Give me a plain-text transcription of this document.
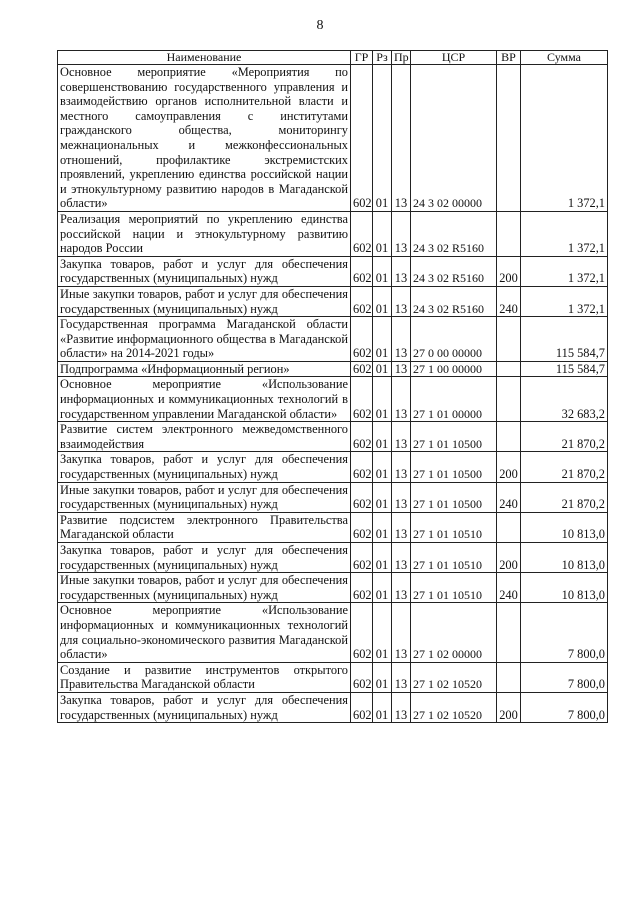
8
Наименование	ГР	Рз	Пр	ЦСР	ВР	Сумма
Основное мероприятие «Мероприятия по совершенствованию государственного управления и взаимодействию органов исполнительной власти и местного самоуправления с институтами гражданского общества, мониторингу межнациональных и межконфессиональных отношений, профилактике экстремистских проявлений, укреплению единства российской нации и этнокультурному развитию народов в Магаданской области»	602	01	13	24 3 02 00000		1 372,1
Реализация мероприятий по укреплению единства российской нации и этнокультурному развитию народов России	602	01	13	24 3 02 R5160		1 372,1
Закупка товаров, работ и услуг для обеспечения государственных (муниципальных) нужд	602	01	13	24 3 02 R5160	200	1 372,1
Иные закупки товаров, работ и услуг для обеспечения государственных (муниципальных) нужд	602	01	13	24 3 02 R5160	240	1 372,1
Государственная программа Магаданской области «Развитие информационного общества в Магаданской области» на 2014-2021 годы»	602	01	13	27 0 00 00000		115 584,7
Подпрограмма «Информационный регион»	602	01	13	27 1 00 00000		115 584,7
Основное мероприятие «Использование информационных и коммуникационных технологий в государственном управлении Магаданской области»	602	01	13	27 1 01 00000		32 683,2
Развитие систем электронного межведомственного взаимодействия	602	01	13	27 1 01 10500		21 870,2
Закупка товаров, работ и услуг для обеспечения государственных (муниципальных) нужд	602	01	13	27 1 01 10500	200	21 870,2
Иные закупки товаров, работ и услуг для обеспечения государственных (муниципальных) нужд	602	01	13	27 1 01 10500	240	21 870,2
Развитие подсистем электронного Правительства Магаданской области	602	01	13	27 1 01 10510		10 813,0
Закупка товаров, работ и услуг для обеспечения государственных (муниципальных) нужд	602	01	13	27 1 01 10510	200	10 813,0
Иные закупки товаров, работ и услуг для обеспечения государственных (муниципальных) нужд	602	01	13	27 1 01 10510	240	10 813,0
Основное мероприятие «Использование информационных и коммуникационных технологий для социально-экономического развития Магаданской области»	602	01	13	27 1 02 00000		7 800,0
Создание и развитие инструментов открытого Правительства Магаданской области	602	01	13	27 1 02 10520		7 800,0
Закупка товаров, работ и услуг для обеспечения государственных (муниципальных) нужд	602	01	13	27 1 02 10520	200	7 800,0
